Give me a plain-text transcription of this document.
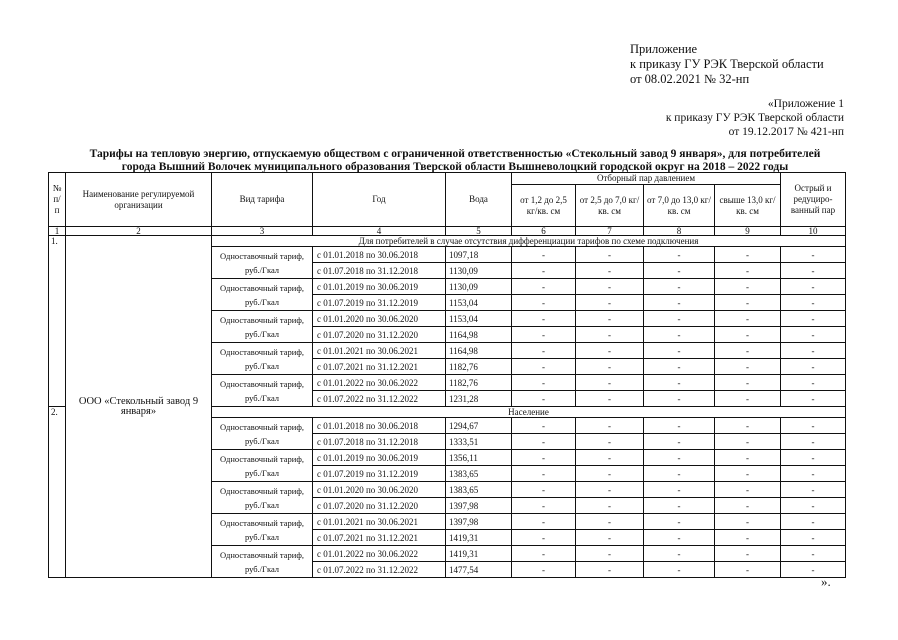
Приложение
к приказу ГУ РЭК Тверской области
от 08.02.2021 № 32-нп
«Приложение 1
к приказу ГУ РЭК Тверской области
от 19.12.2017 № 421-нп
Тарифы на тепловую энергию, отпускаемую обществом с ограниченной ответственностью «Стекольный завод 9 января», для потребителей
города Вышний Волочек муниципального образования Тверской области Вышневолоцкий городской округ на 2018 – 2022 годы
№ п/п	Наименование регулируемой организации	Вид тарифа	Год	Вода	Отборный пар давлением				Острый и редуциро-ванный пар
					от 1,2 до 2,5 кг/кв. см	от 2,5 до 7,0 кг/кв. см	от 7,0 до 13,0 кг/кв. см	свыше 13,0 кг/кв. см	
1	2	3	4	5	6	7	8	9	10
1.	ООО «Стекольный завод 9 января»	Для потребителей в случае отсутствия дифференциации тарифов по схеме подключения							
		Одноставочный тариф, руб./Гкал	с 01.01.2018 по 30.06.2018	1097,18	-	-	-	-	-
			с 01.07.2018 по 31.12.2018	1130,09	-	-	-	-	-
		Одноставочный тариф, руб./Гкал	с 01.01.2019 по 30.06.2019	1130,09	-	-	-	-	-
			с 01.07.2019 по 31.12.2019	1153,04	-	-	-	-	-
		Одноставочный тариф, руб./Гкал	с 01.01.2020 по 30.06.2020	1153,04	-	-	-	-	-
			с 01.07.2020 по 31.12.2020	1164,98	-	-	-	-	-
		Одноставочный тариф, руб./Гкал	с 01.01.2021 по 30.06.2021	1164,98	-	-	-	-	-
			с 01.07.2021 по 31.12.2021	1182,76	-	-	-	-	-
		Одноставочный тариф, руб./Гкал	с 01.01.2022 по 30.06.2022	1182,76	-	-	-	-	-
			с 01.07.2022 по 31.12.2022	1231,28	-	-	-	-	-
2.		Население							
		Одноставочный тариф, руб./Гкал	с 01.01.2018 по 30.06.2018	1294,67	-	-	-	-	-
			с 01.07.2018 по 31.12.2018	1333,51	-	-	-	-	-
		Одноставочный тариф, руб./Гкал	с 01.01.2019 по 30.06.2019	1356,11	-	-	-	-	-
			с 01.07.2019 по 31.12.2019	1383,65	-	-	-	-	-
		Одноставочный тариф, руб./Гкал	с 01.01.2020 по 30.06.2020	1383,65	-	-	-	-	-
			с 01.07.2020 по 31.12.2020	1397,98	-	-	-	-	-
		Одноставочный тариф, руб./Гкал	с 01.01.2021 по 30.06.2021	1397,98	-	-	-	-	-
			с 01.07.2021 по 31.12.2021	1419,31	-	-	-	-	-
		Одноставочный тариф, руб./Гкал	с 01.01.2022 по 30.06.2022	1419,31	-	-	-	-	-
			с 01.07.2022 по 31.12.2022	1477,54	-	-	-	-	-
».
